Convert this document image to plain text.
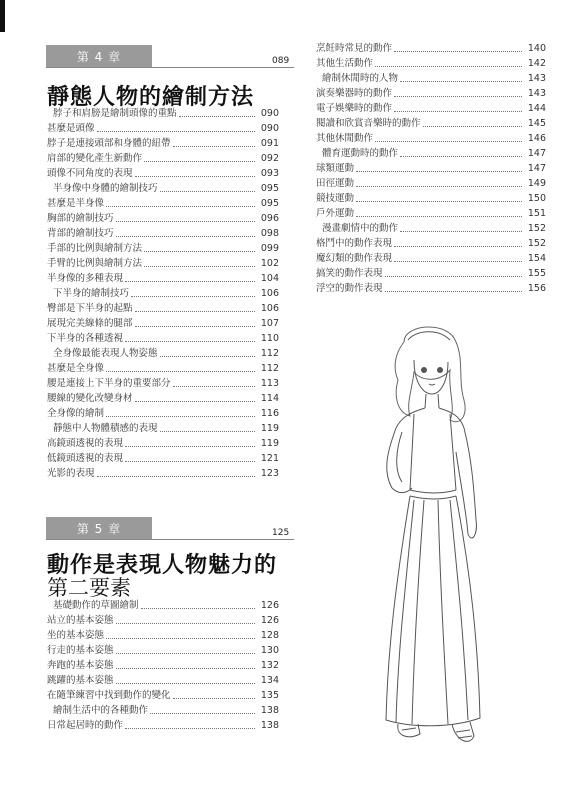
第 4 章	089
靜態人物的繪制方法
脖子和肩膀是繪制頭像的重點	090
甚麼是頭像	090
脖子是連接頭部和身體的紐帶	091
肩部的變化產生新動作	092
頭像不同角度的表現	093
半身像中身體的繪制技巧	095
甚麼是半身像	095
胸部的繪制技巧	096
背部的繪制技巧	098
手部的比例與繪制方法	099
手臂的比例與繪制方法	102
半身像的多種表現	104
下半身的繪制技巧	106
臀部是下半身的起點	106
展現完美線條的腿部	107
下半身的各種透視	110
全身像最能表現人物姿態	112
甚麼是全身像	112
腰是連接上下半身的重要部分	113
腰線的變化改變身材	114
全身像的繪制	116
靜態中人物體積感的表現	119
高鏡頭透視的表現	119
低鏡頭透視的表現	121
光影的表現	123
第 5 章	125
動作是表現人物魅力的
第二要素
基礎動作的草圖繪制	126
站立的基本姿態	126
坐的基本姿態	128
行走的基本姿態	130
奔跑的基本姿態	132
跳躍的基本姿態	134
在隨筆練習中找到動作的變化	135
繪制生活中的各種動作	138
日常起居時的動作	138
烹飪時常見的動作	140
其他生活動作	142
繪制休閒時的人物	143
演奏樂器時的動作	143
電子娛樂時的動作	144
閱讀和欣賞音樂時的動作	145
其他休閒動作	146
體育運動時的動作	147
球類運動	147
田徑運動	149
競技運動	150
戶外運動	151
漫畫劇情中的動作	152
格鬥中的動作表現	152
魔幻類的動作表現	154
搞笑的動作表現	155
浮空的動作表現	156
